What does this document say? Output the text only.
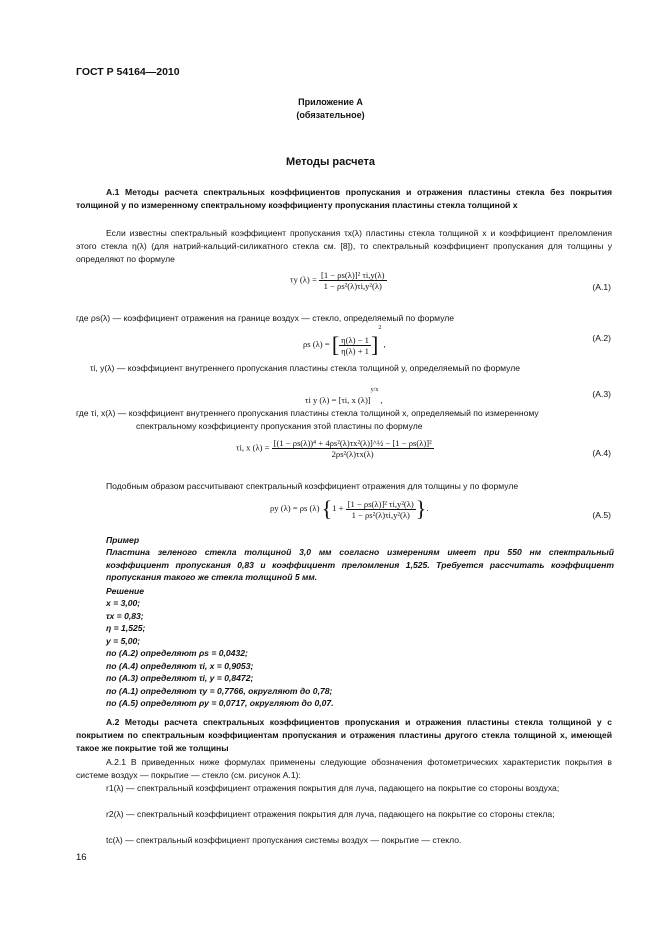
ГОСТ Р 54164—2010
Приложение А
(обязательное)
Методы расчета
А.1 Методы расчета спектральных коэффициентов пропускания и отражения пластины стекла без покрытия толщиной y по измеренному спектральному коэффициенту пропускания пластины стекла толщиной x
Если известны спектральный коэффициент пропускания τx(λ) пластины стекла толщиной x и коэффициент преломления этого стекла η(λ) (для натрий-кальций-силикатного стекла см. [8]), то спектральный коэффициент пропускания для толщины y определяют по формуле
τy $(\lambda) = \frac{\text{[1 − ρs(λ)]² τi,y(λ)}}{\text{1 − ρs²(λ)τi,y²(λ)}}$	(А.1)
где ρs(λ) — коэффициент отражения на границе воздух — стекло, определяемый по формуле
ρs (λ) = [ $\frac{\eta(\lambda) - 1}{\eta(\lambda) + 1} ]^2$ ,
(А.2)
τi, y(λ) — коэффициент внутреннего пропускания пластины стекла толщиной y, определяемый по формуле
τi y (λ) = [τi, x (λ)]$^{y/x}$ ,
(А.3)
где τi, x(λ) — коэффициент внутреннего пропускания пластины стекла толщиной x, определяемый по измеренному
спектральному коэффициенту пропускания этой пластины по формуле
τi, x $(\lambda) = \frac{\text{[(1 − ρs(λ))⁴ + 4ρs²(λ)τx²(λ)]\textasciicircum{}½ − [1 − ρs(λ)]²}}{\text{2ρs²(λ)τx(λ)}}$	(А.4)
Подобным образом рассчитывают спектральный коэффициент отражения для толщины y по формуле
ρy (λ) = ρs (λ) {$1 + \frac{\text{[1 − ρs(λ)]² τi,y²(λ)}}{\text{1 − ρs²(λ)τi,y²(λ)}}$ }.
(А.5)
Пример
Пластина зеленого стекла толщиной 3,0 мм согласно измерениям имеет при 550 нм спектральный коэффициент пропускания 0,83 и коэффициент преломления 1,525. Требуется рассчитать коэффициент пропускания такого же стекла толщиной 5 мм.
Решение
x = 3,00;
τx = 0,83;
η = 1,525;
y = 5,00;
по (А.2) определяют ρs = 0,0432;
по (А.4) определяют τi, x = 0,9053;
по (А.3) определяют τi, y = 0,8472;
по (А.1) определяют τy = 0,7766, округляют до 0,78;
по (А.5) определяют ρy = 0,0717, округляют до 0,07.
А.2 Методы расчета спектральных коэффициентов пропускания и отражения пластины стекла толщиной y с покрытием по спектральным коэффициентам пропускания и отражения пластины другого стекла толщиной x, имеющей такое же покрытие той же толщины
А.2.1 В приведенных ниже формулах применены следующие обозначения фотометрических характеристик покрытия в системе воздух — покрытие — стекло (см. рисунок А.1):
r1(λ) — спектральный коэффициент отражения покрытия для луча, падающего на покрытие со стороны воздуха;
r2(λ) — спектральный коэффициент отражения покрытия для луча, падающего на покрытие со стороны стекла;
tc(λ) — спектральный коэффициент пропускания системы воздух — покрытие — стекло.
16
